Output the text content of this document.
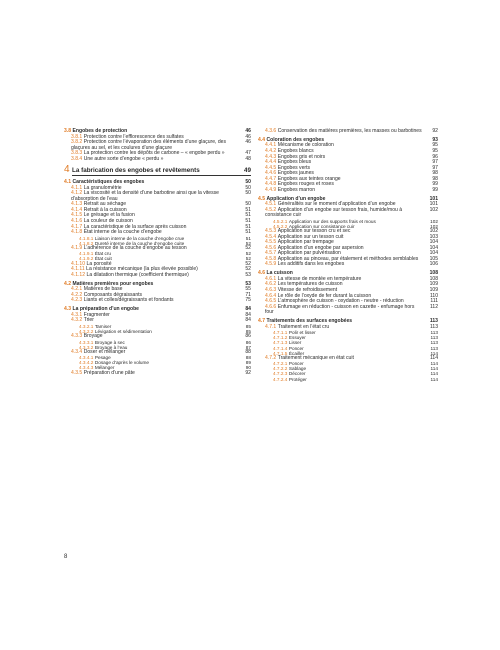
3.8 Engobes de protection	46
3.8.1 Protection contre l’efflorescence des sulfates	46
3.8.2 Protection contre l’évaporation des éléments d’une glaçure, des glaçures au sel, et les coulures d’une glaçure
46
3.8.3 La protection contre les dépôts de carbone – « engobe perdu »	47
3.8.4 Une autre sorte d’engobe « perdu »	48
4 La fabrication des engobes et revêtements	49
4.1 Caractéristiques des engobes	50
4.1.1 La granulométrie	50
4.1.2 La viscosité et la densité d’une barbotine ainsi que la vitesse d’absorption de l’eau
50
4.1.3 Retrait au séchage	50
4.1.4 Retrait à la cuisson	51
4.1.5 Le grésage et la fusion	51
4.1.6 La couleur de cuisson	51
4.1.7 La caractéristique de la surface après cuisson	51
4.1.8 État interne de la couche d’engobe	51
4.1.8.1 Liaison interne de la couche d’engobe crue	51
4.1.8.2 Dureté interne de la couche d’engobe cuite	52
4.1.9 L’adhérence de la couche d’engobe au tesson	52
4.1.9.1 État cru	52
4.1.9.2 État cuit	52
4.1.10 La porosité	52
4.1.11 La résistance mécanique (la plus élevée possible)	52
4.1.12 La dilatation thermique (coefficient thermique)	53
4.2 Matières premières pour engobes	53
4.2.1 Matières de base	55
4.2.2 Composants dégraissants	71
4.2.3 Liants et colles/dégraissants et fondants	75
4.3 La préparation d’un engobe	84
4.3.1 Fragmenter	84
4.3.2 Trier	84
4.3.2.1 Tamiser	85
4.3.2.2 Lévigation et sédimentation	85
4.3.3 Broyage	86
4.3.3.1 Broyage à sec	86
4.3.3.2 Broyage à l’eau	87
4.3.4 Doser et mélanger	88
4.3.4.1 Pesage	88
4.3.4.2 Dosage d’après le volume	89
4.3.4.3 Mélanger	90
4.3.5 Préparation d’une pâte	92
4.3.6 Conservation des matières premières, les masses ou barbotines 92
4.4 Coloration des engobes	93
4.4.1 Mécanisme de coloration	95
4.4.2 Engobes blancs	95
4.4.3 Engobes gris et noirs	96
4.4.4 Engobes bleus	97
4.4.5 Engobes verts	97
4.4.6 Engobes jaunes	98
4.4.7 Engobes aux teintes orange	98
4.4.8 Engobes rouges et roses	99
4.4.9 Engobes marron	99
4.5 Application d’un engobe	101
4.5.1 Généralités sur le moment d’application d’un engobe	101
4.5.2 Application d’un engobe sur tesson frais, humide/mou à consistance cuir
102
4.5.2.1 Application sur des supports frais et mous	102
4.5.2.2 Application sur consistance cuir	102
4.5.3 Application sur tesson cru et sec	102
4.5.4 Application sur un tesson cuit	103
4.5.5 Application par trempage	104
4.5.6 Application d’un engobe par aspersion	104
4.5.7 Application par pulvérisation	104
4.5.8 Application au pinceau, par étalement et méthodes semblables 105
4.5.9 Les additifs dans les engobes	106
4.6 La cuisson	108
4.6.1 La vitesse de montée en température	108
4.6.2 Les températures de cuisson	109
4.6.3 Vitesse de refroidissement	109
4.6.4 Le rôle de l’oxyde de fer durant la cuisson	110
4.6.5 L’atmosphère de cuisson - oxydation - neutre - réduction	111
4.6.6 Enfumage en réduction - cuisson en cazette - enfumage hors four
112
4.7 Traitements des surfaces engobées	113
4.7.1 Traitement en l’état cru	113
4.7.1.1 Polir et lisser	113
4.7.1.2 Essuyer	113
4.7.1.3 Lisser	113
4.7.1.4 Poncer	113
4.7.1.5 Écailler	114
4.7.2 Traitement mécanique en état cuit	114
4.7.2.1 Poncer	114
4.7.2.2 Sablage	114
4.7.2.3 Décorer	114
4.7.2.4 Protéger	114
8
